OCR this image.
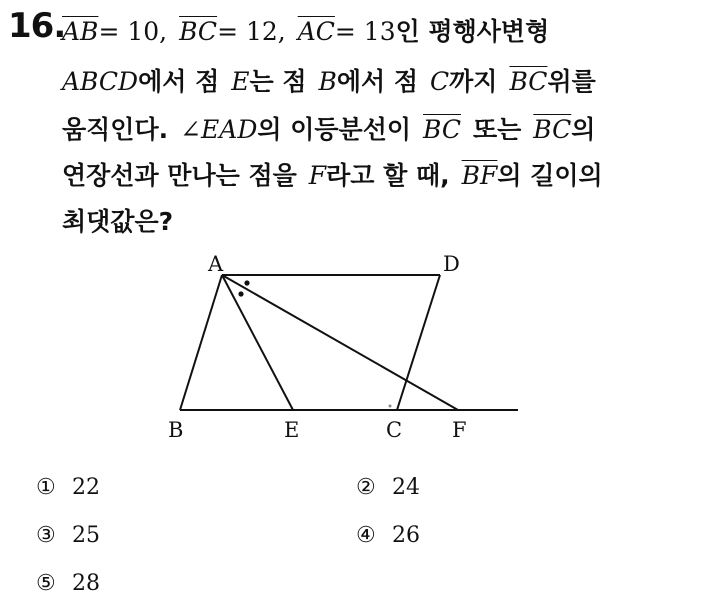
16.
$\overline{AB}= 10$, $\overline{BC}= 12$, $\overline{AC}= 13$인 평행사변형
ABCD에서 점 E는 점 B에서 점 C까지 $\overline{BC}$위를
움직인다. ∠EAD의 이등분선이 $\overline{BC}$ 또는 $\overline{BC}$의
연장선과 만나는 점을 F라고 할 때, $\overline{BF}$의 길이의
최댓값은?
A	D
B	E	C F
① 22	② 24
③ 25	④ 26
⑤ 28
